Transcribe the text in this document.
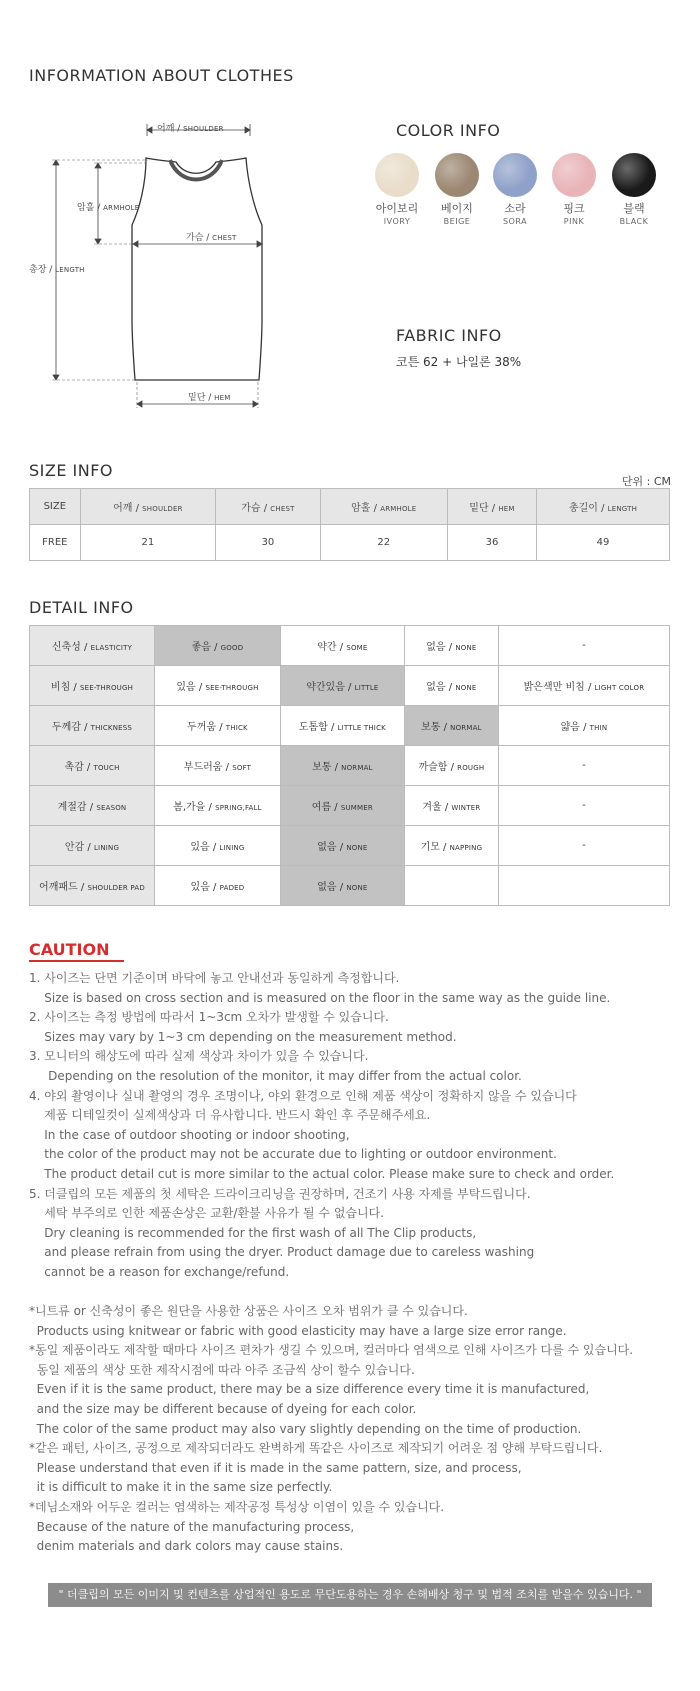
INFORMATION ABOUT CLOTHES
어깨 / SHOULDER
암홀 / ARMHOLE
가슴 / CHEST
총장 / LENGTH
밑단 / HEM
COLOR INFO
아이보리
IVORY
베이지
BEIGE
소라
SORA
핑크
PINK
블랙
BLACK
FABRIC INFO
코튼 62 + 나일론 38%
SIZE INFO
단위 : CM
SIZE	어깨 / SHOULDER	가슴 / CHEST	암홀 / ARMHOLE	밑단 / HEM	총길이 / LENGTH
FREE	21	30	22	36	49
DETAIL INFO
신축성 / ELASTICITY	좋음 / GOOD	약간 / SOME	없음 / NONE	-
비침 / SEE-THROUGH	있음 / SEE-THROUGH	약간있음 / LITTLE	없음 / NONE	밝은색만 비침 / LIGHT COLOR
두께감 / THICKNESS	두꺼움 / THICK	도톰함 / LITTLE THICK	보통 / NORMAL	얇음 / THIN
촉감 / TOUCH	부드러움 / SOFT	보통 / NORMAL	까슬함 / ROUGH	-
계절감 / SEASON	봄,가을 / SPRING,FALL	여름 / SUMMER	겨울 / WINTER	-
안감 / LINING	있음 / LINING	없음 / NONE	기모 / NAPPING	-
어깨패드 / SHOULDER PAD	있음 / PADED	없음 / NONE		
CAUTION
1. 사이즈는 단면 기준이며 바닥에 놓고 안내선과 동일하게 측정합니다.
Size is based on cross section and is measured on the floor in the same way as the guide line.
2. 사이즈는 측정 방법에 따라서 1~3cm 오차가 발생할 수 있습니다.
Sizes may vary by 1~3 cm depending on the measurement method.
3. 모니터의 해상도에 따라 실제 색상과 차이가 있을 수 있습니다.
Depending on the resolution of the monitor, it may differ from the actual color.
4. 야외 촬영이나 실내 촬영의 경우 조명이나, 야외 환경으로 인해 제품 색상이 정확하지 않을 수 있습니다
제품 디테일컷이 실제색상과 더 유사합니다. 반드시 확인 후 주문해주세요.
In the case of outdoor shooting or indoor shooting,
the color of the product may not be accurate due to lighting or outdoor environment.
The product detail cut is more similar to the actual color. Please make sure to check and order.
5. 더클립의 모든 제품의 첫 세탁은 드라이크리닝을 권장하며, 건조기 사용 자제를 부탁드립니다.
세탁 부주의로 인한 제품손상은 교환/환불 사유가 될 수 없습니다.
Dry cleaning is recommended for the first wash of all The Clip products,
and please refrain from using the dryer. Product damage due to careless washing
cannot be a reason for exchange/refund.

*니트류 or 신축성이 좋은 원단을 사용한 상품은 사이즈 오차 범위가 클 수 있습니다.
Products using knitwear or fabric with good elasticity may have a large size error range.
*동일 제품이라도 제작할 때마다 사이즈 편차가 생길 수 있으며, 컬러마다 염색으로 인해 사이즈가 다를 수 있습니다.
동일 제품의 색상 또한 제작시점에 따라 아주 조금씩 상이 할수 있습니다.
Even if it is the same product, there may be a size difference every time it is manufactured,
and the size may be different because of dyeing for each color.
The color of the same product may also vary slightly depending on the time of production.
*같은 패턴, 사이즈, 공정으로 제작되더라도 완벽하게 똑같은 사이즈로 제작되기 어려운 점 양해 부탁드립니다.
Please understand that even if it is made in the same pattern, size, and process,
it is difficult to make it in the same size perfectly.
*데님소재와 어두운 컬러는 염색하는 제작공정 특성상 이염이 있을 수 있습니다.
Because of the nature of the manufacturing process,
denim materials and dark colors may cause stains.
" 더클립의 모든 이미지 및 컨텐츠를 상업적인 용도로 무단도용하는 경우 손해배상 청구 및 법적 조치를 받을수 있습니다. "
